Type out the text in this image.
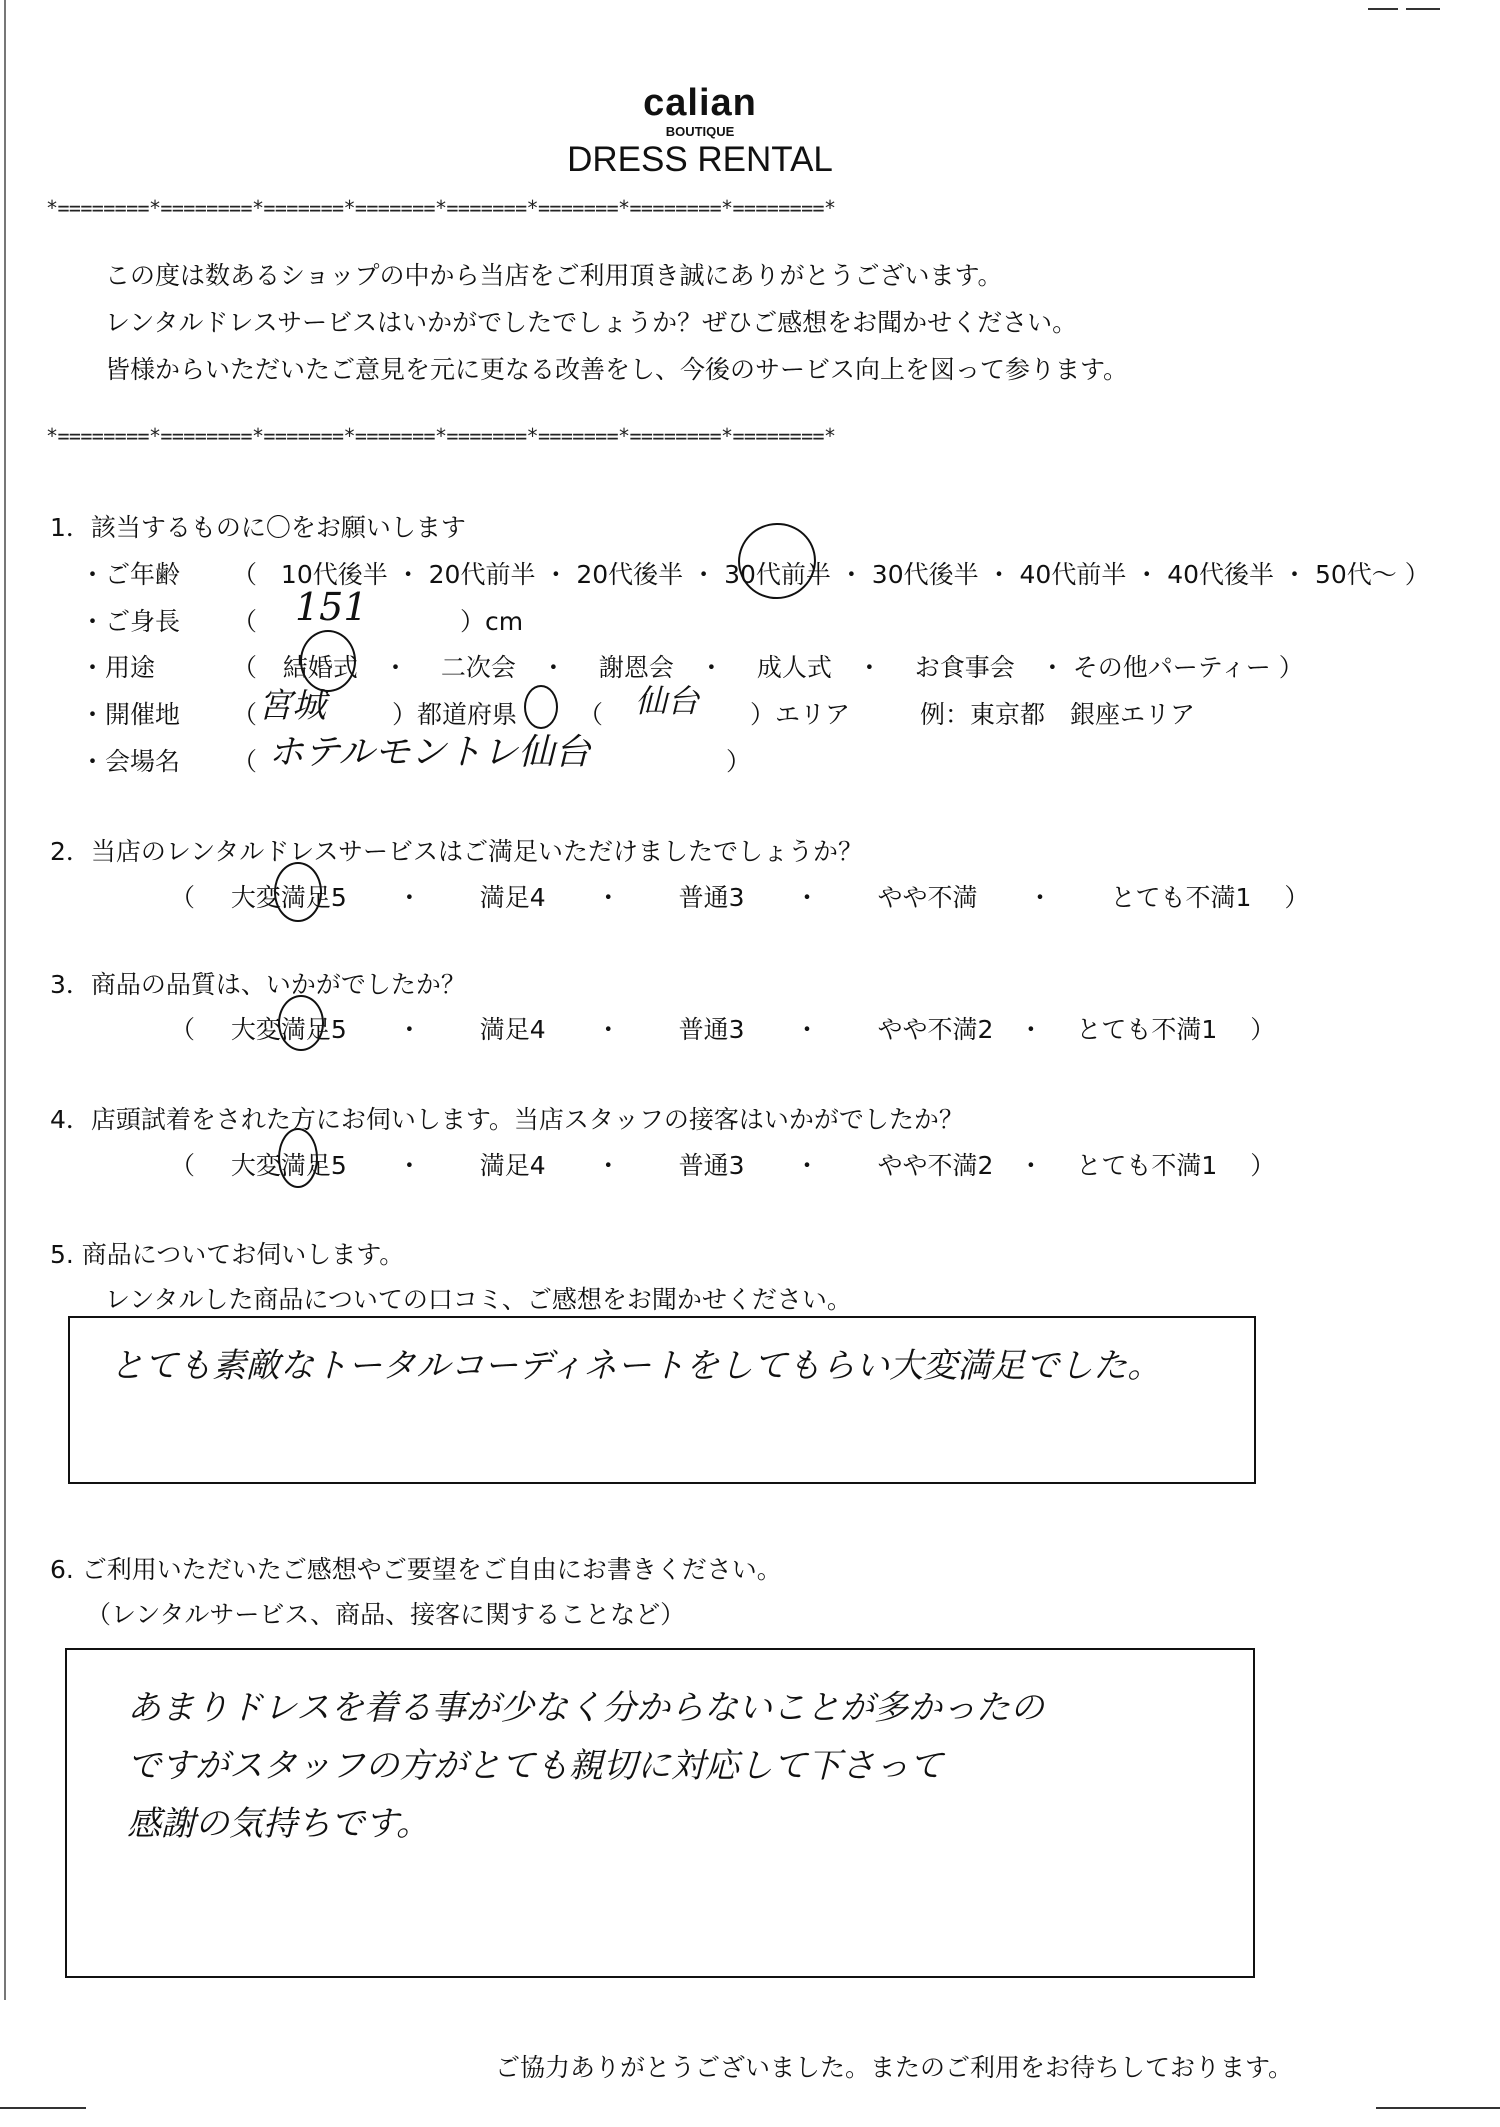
calian
BOUTIQUE
DRESS RENTAL
*========*========*=======*=======*=======*=======*========*========*
この度は数あるショップの中から当店をご利用頂き誠にありがとうございます。
レンタルドレスサービスはいかがでしたでしょうか？ぜひご感想をお聞かせください。
皆様からいただいたご意見を元に更なる改善をし、今後のサービス向上を図って参ります。
*========*========*=======*=======*=======*=======*========*========*
1．該当するものに〇をお願いします
・ご年齢 （ 10代後半 ・ 20代前半 ・ 20代後半 ・ 30代前半 ・ 30代後半 ・ 40代前半 ・ 40代後半 ・ 50代～ ）
・ご身長 （ 151	）cm
・用途	（ 結婚式　・　 二次会　・　 謝恩会　・　 成人式　・　 お食事会　・ その他パーティー ）
・開催地 （ 宮城	）都道府県 （ 仙台 ）エリア	例：東京都　銀座エリア
・会場名 （ ホテルモントレ仙台	）
2．当店のレンタルドレスサービスはご満足いただけましたでしょうか？
（ 大変満足5　　・　　 満足4　　・　　 普通3　　・　　 やや不満　　・　　 とても不満1　 ）
3．商品の品質は、いかがでしたか？
（ 大変満足5　　・　　 満足4　　・　　 普通3　　・　　 やや不満2　・　 とても不満1　 ）
4．店頭試着をされた方にお伺いします。当店スタッフの接客はいかがでしたか？
（ 大変満足5　　・　　 満足4　　・　　 普通3　　・　　 やや不満2　・　 とても不満1　 ）
5. 商品についてお伺いします。
レンタルした商品についての口コミ、ご感想をお聞かせください。
とても素敵なトータルコーディネートをしてもらい大変満足でした。
6. ご利用いただいたご感想やご要望をご自由にお書きください。
（レンタルサービス、商品、接客に関することなど）
あまりドレスを着る事が少なく分からないことが多かったの
ですがスタッフの方がとても親切に対応して下さって
感謝の気持ちです。
ご協力ありがとうございました。またのご利用をお待ちしております。
